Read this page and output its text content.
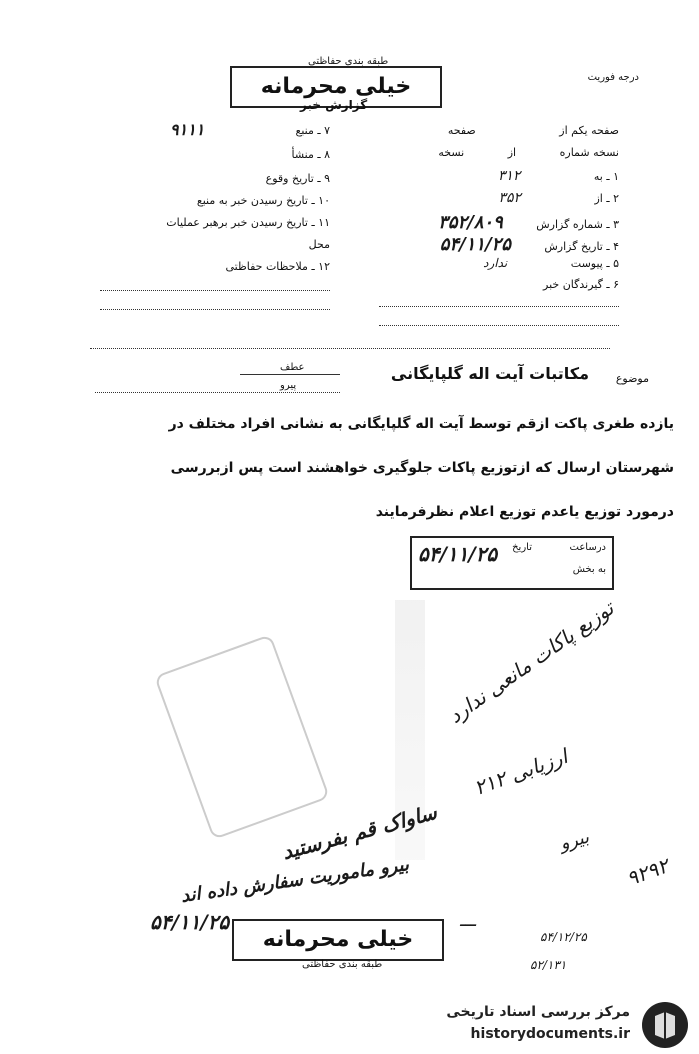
درجه فوریت
خیلی محرمانه
طبقه بندی حفاظتی
گزارش خبر
صفحه یکم از صفحه
نسخه شماره از نسخه
۱ ـ به ۳۱۲
۲ ـ از ۳۵۲
۳ ـ شماره گزارش ۳۵۲/۸۰۹
۴ ـ تاریخ گزارش ۵۴/۱۱/۲۵
۵ ـ پیوست ندارد
۶ ـ گیرندگان خبر
۷ ـ منبع
۹۱۱۱
۸ ـ منشأ
۹ ـ تاریخ وقوع
۱۰ ـ تاریخ رسیدن خبر به منبع
۱۱ ـ تاریخ رسیدن خبر برهبر عملیات
محل
۱۲ ـ ملاحظات حفاظتی
موضوع
مکاتبات آیت اله گلپایگانی
عطف
پیرو
یازده طغری پاکت ازقم توسط آیت اله گلپایگانی به نشانی افراد مختلف در
شهرستان ارسال که ازتوزیع پاکات جلوگیری خواهشند است پس ازبررسی
درمورد توزیع یاعدم توزیع اعلام نظرفرمایند
درساعت
تاریخ
به بخش
۵۴/۱۱/۲۵
توزیع پاکات مانعی ندارد
ارزیابی ۲۱۲
بیرو
ساواک قم بفرستید
بیرو ماموریت سفارش داده اند	۹۲۹۲
۵۴/۱۱/۲۵	ـــ
۵۴/۱۲/۲۵
۵۲/۱۳۱
خیلی محرمانه
طبقه بندی حفاظتی
مرکز بررسی اسناد تاریخی
historydocuments.ir
